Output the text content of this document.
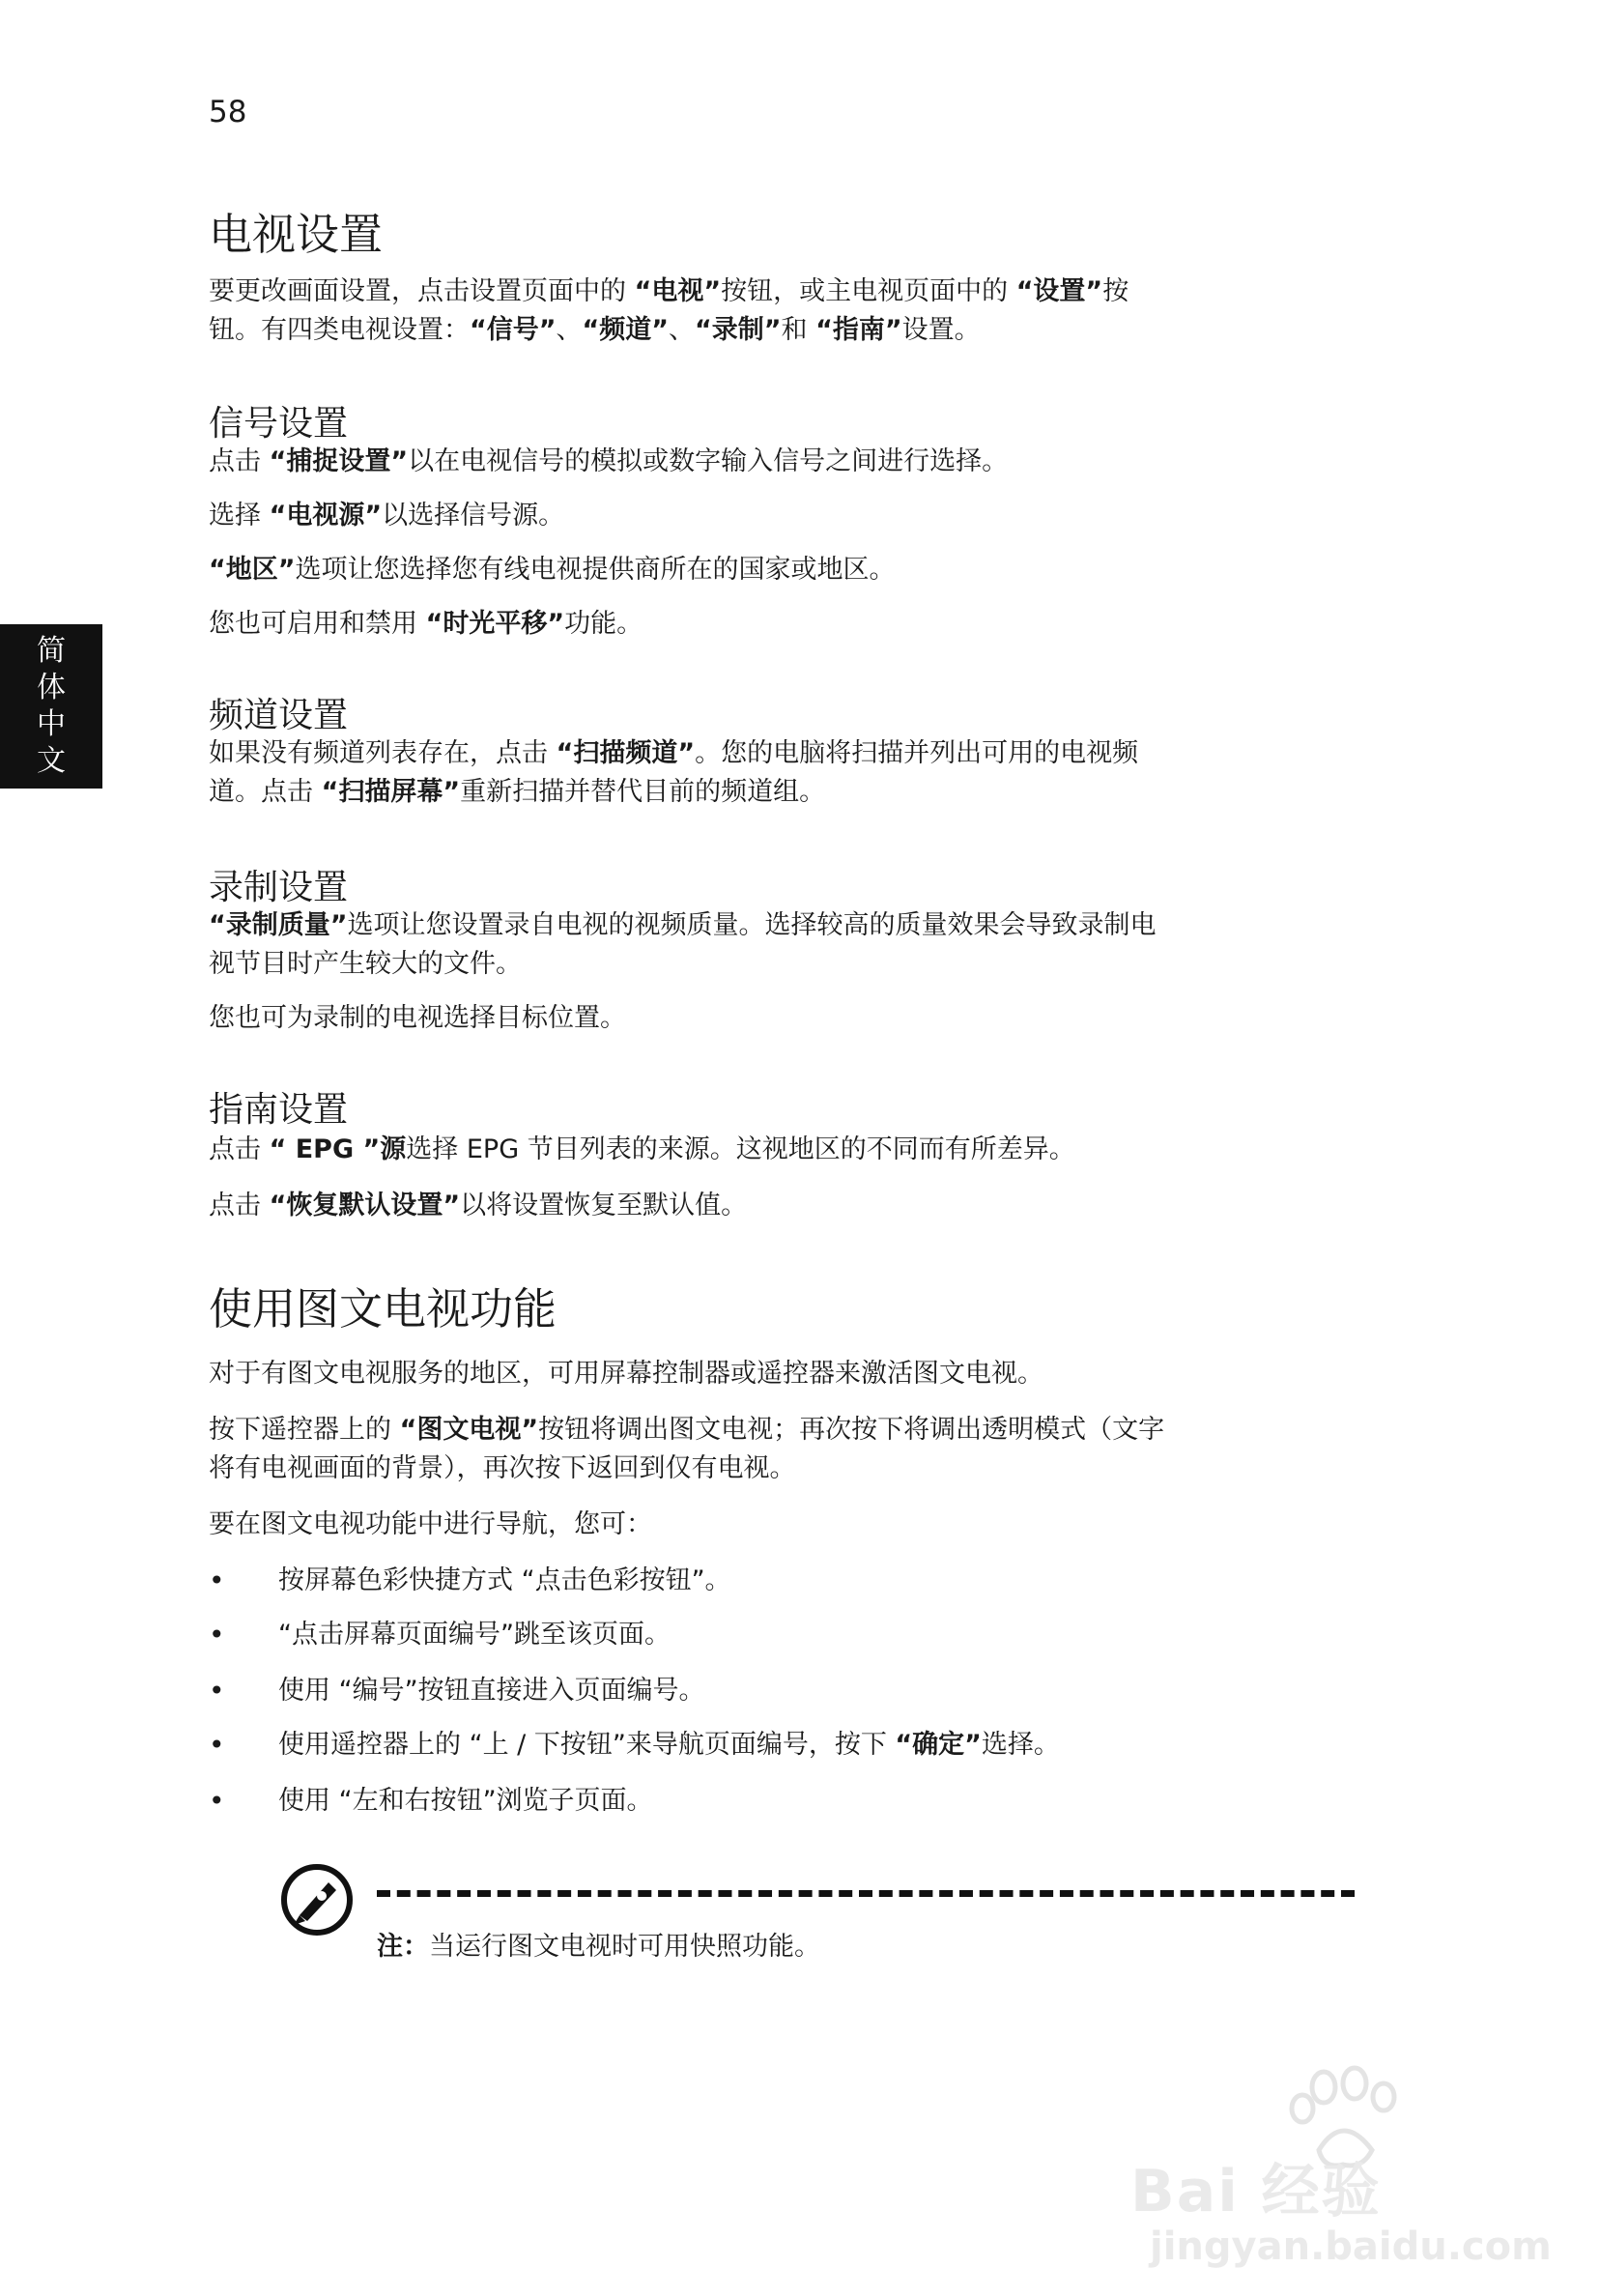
58
简
体
中
文
电视设置
要更改画面设置，点击设置页面中的 “电视”按钮，或主电视页面中的 “设置”按
钮。有四类电视设置：“信号”、“频道”、“录制”和 “指南”设置。
信号设置
点击 “捕捉设置”以在电视信号的模拟或数字输入信号之间进行选择。
选择 “电视源”以选择信号源。
“地区”选项让您选择您有线电视提供商所在的国家或地区。
您也可启用和禁用 “时光平移”功能。
频道设置
如果没有频道列表存在，点击 “扫描频道”。您的电脑将扫描并列出可用的电视频
道。点击 “扫描屏幕”重新扫描并替代目前的频道组。
录制设置
“录制质量”选项让您设置录自电视的视频质量。选择较高的质量效果会导致录制电
视节目时产生较大的文件。
您也可为录制的电视选择目标位置。
指南设置
点击 “ EPG ”源选择 EPG 节目列表的来源。这视地区的不同而有所差异。
点击 “恢复默认设置”以将设置恢复至默认值。
使用图文电视功能
对于有图文电视服务的地区，可用屏幕控制器或遥控器来激活图文电视。
按下遥控器上的 “图文电视”按钮将调出图文电视；再次按下将调出透明模式（文字
将有电视画面的背景），再次按下返回到仅有电视。
要在图文电视功能中进行导航，您可：
• 按屏幕色彩快捷方式 “点击色彩按钮”。
• “点击屏幕页面编号”跳至该页面。
• 使用 “编号”按钮直接进入页面编号。
• 使用遥控器上的 “上 / 下按钮”来导航页面编号，按下 “确定”选择。
• 使用 “左和右按钮”浏览子页面。
注：当运行图文电视时可用快照功能。
Bai 经验
jingyan.baidu.com
